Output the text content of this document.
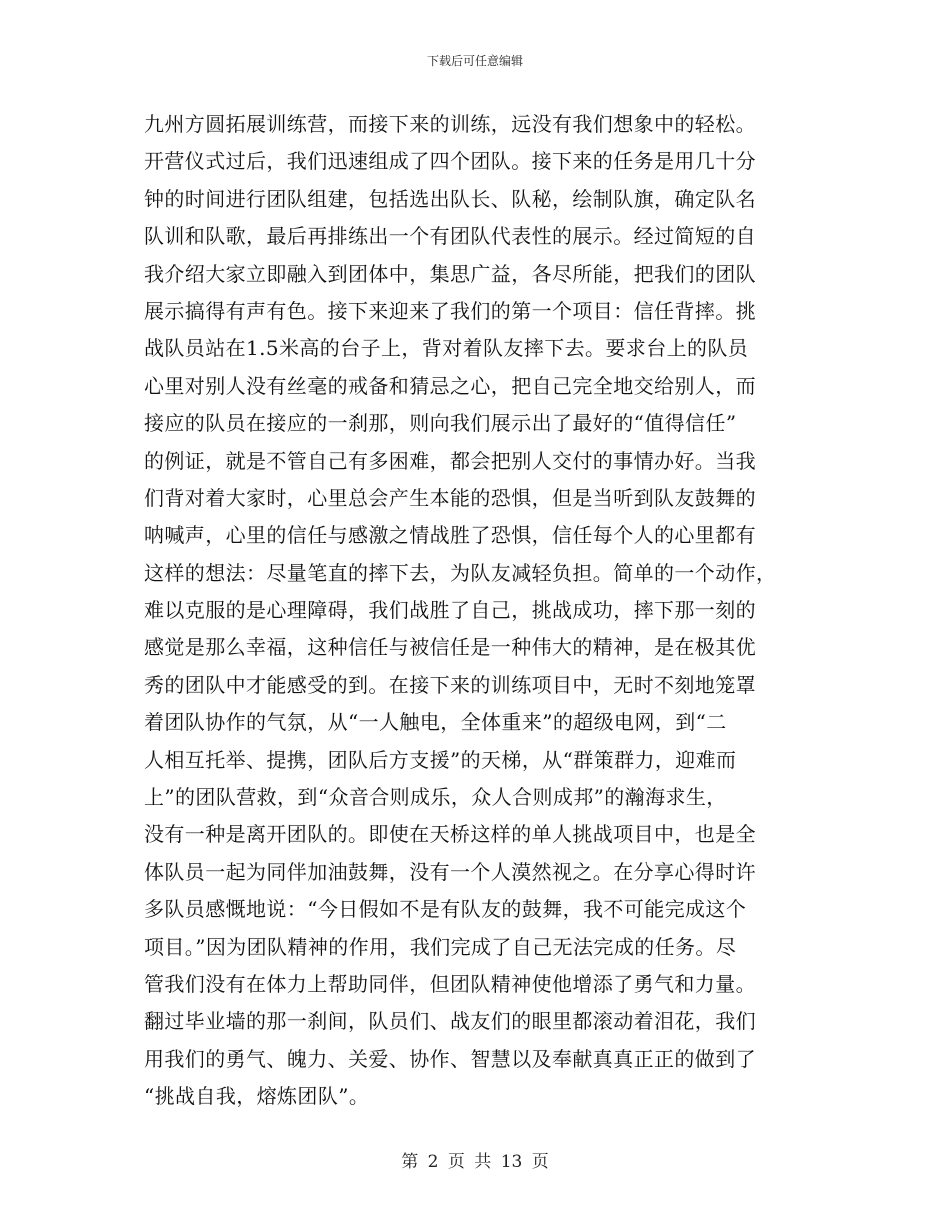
下载后可任意编辑
九州方圆拓展训练营，而接下来的训练，远没有我们想象中的轻松。
开营仪式过后，我们迅速组成了四个团队。接下来的任务是用几十分
钟的时间进行团队组建，包括选出队长、队秘，绘制队旗，确定队名
队训和队歌，最后再排练出一个有团队代表性的展示。经过简短的自
我介绍大家立即融入到团体中，集思广益，各尽所能，把我们的团队
展示搞得有声有色。接下来迎来了我们的第一个项目：信任背摔。挑
战队员站在1.5米高的台子上，背对着队友摔下去。要求台上的队员
心里对别人没有丝毫的戒备和猜忌之心，把自己完全地交给别人，而
接应的队员在接应的一刹那，则向我们展示出了最好的“值得信任”
的例证，就是不管自己有多困难，都会把别人交付的事情办好。当我
们背对着大家时，心里总会产生本能的恐惧，但是当听到队友鼓舞的
呐喊声，心里的信任与感激之情战胜了恐惧，信任每个人的心里都有
这样的想法：尽量笔直的摔下去，为队友减轻负担。简单的一个动作，
难以克服的是心理障碍，我们战胜了自己，挑战成功，摔下那一刻的
感觉是那么幸福，这种信任与被信任是一种伟大的精神，是在极其优
秀的团队中才能感受的到。在接下来的训练项目中，无时不刻地笼罩
着团队协作的气氛，从“一人触电，全体重来”的超级电网，到“二
人相互托举、提携，团队后方支援”的天梯，从“群策群力，迎难而
上”的团队营救，到“众音合则成乐，众人合则成邦”的瀚海求生，
没有一种是离开团队的。即使在天桥这样的单人挑战项目中，也是全
体队员一起为同伴加油鼓舞，没有一个人漠然视之。在分享心得时许
多队员感慨地说：“今日假如不是有队友的鼓舞，我不可能完成这个
项目。”因为团队精神的作用，我们完成了自己无法完成的任务。尽
管我们没有在体力上帮助同伴，但团队精神使他增添了勇气和力量。
翻过毕业墙的那一刹间，队员们、战友们的眼里都滚动着泪花，我们
用我们的勇气、魄力、关爱、协作、智慧以及奉献真真正正的做到了
“挑战自我，熔炼团队”。
第 2 页 共 13 页
